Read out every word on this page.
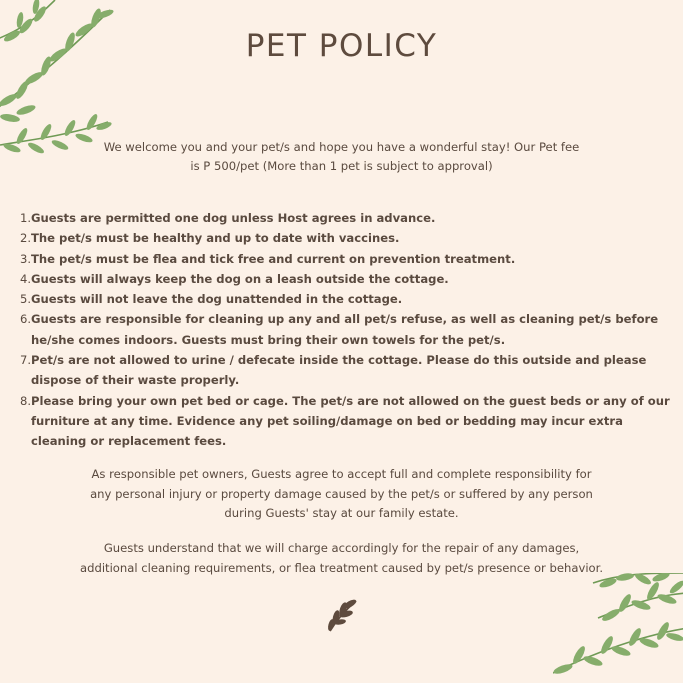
PET POLICY
We welcome you and your pet/s and hope you have a wonderful stay! Our Pet fee is P 500/pet (More than 1 pet is subject to approval)
1. Guests are permitted one dog unless Host agrees in advance.
2. The pet/s must be healthy and up to date with vaccines.
3. The pet/s must be flea and tick free and current on prevention treatment.
4. Guests will always keep the dog on a leash outside the cottage.
5. Guests will not leave the dog unattended in the cottage.
6. Guests are responsible for cleaning up any and all pet/s refuse, as well as cleaning pet/s before he/she comes indoors. Guests must bring their own towels for the pet/s.
7. Pet/s are not allowed to urine / defecate inside the cottage. Please do this outside and please dispose of their waste properly.
8. Please bring your own pet bed or cage. The pet/s are not allowed on the guest beds or any of our furniture at any time. Evidence any pet soiling/damage on bed or bedding may incur extra cleaning or replacement fees.
As responsible pet owners, Guests agree to accept full and complete responsibility for any personal injury or property damage caused by the pet/s or suffered by any person during Guests' stay at our family estate.
Guests understand that we will charge accordingly for the repair of any damages, additional cleaning requirements, or flea treatment caused by pet/s presence or behavior.
